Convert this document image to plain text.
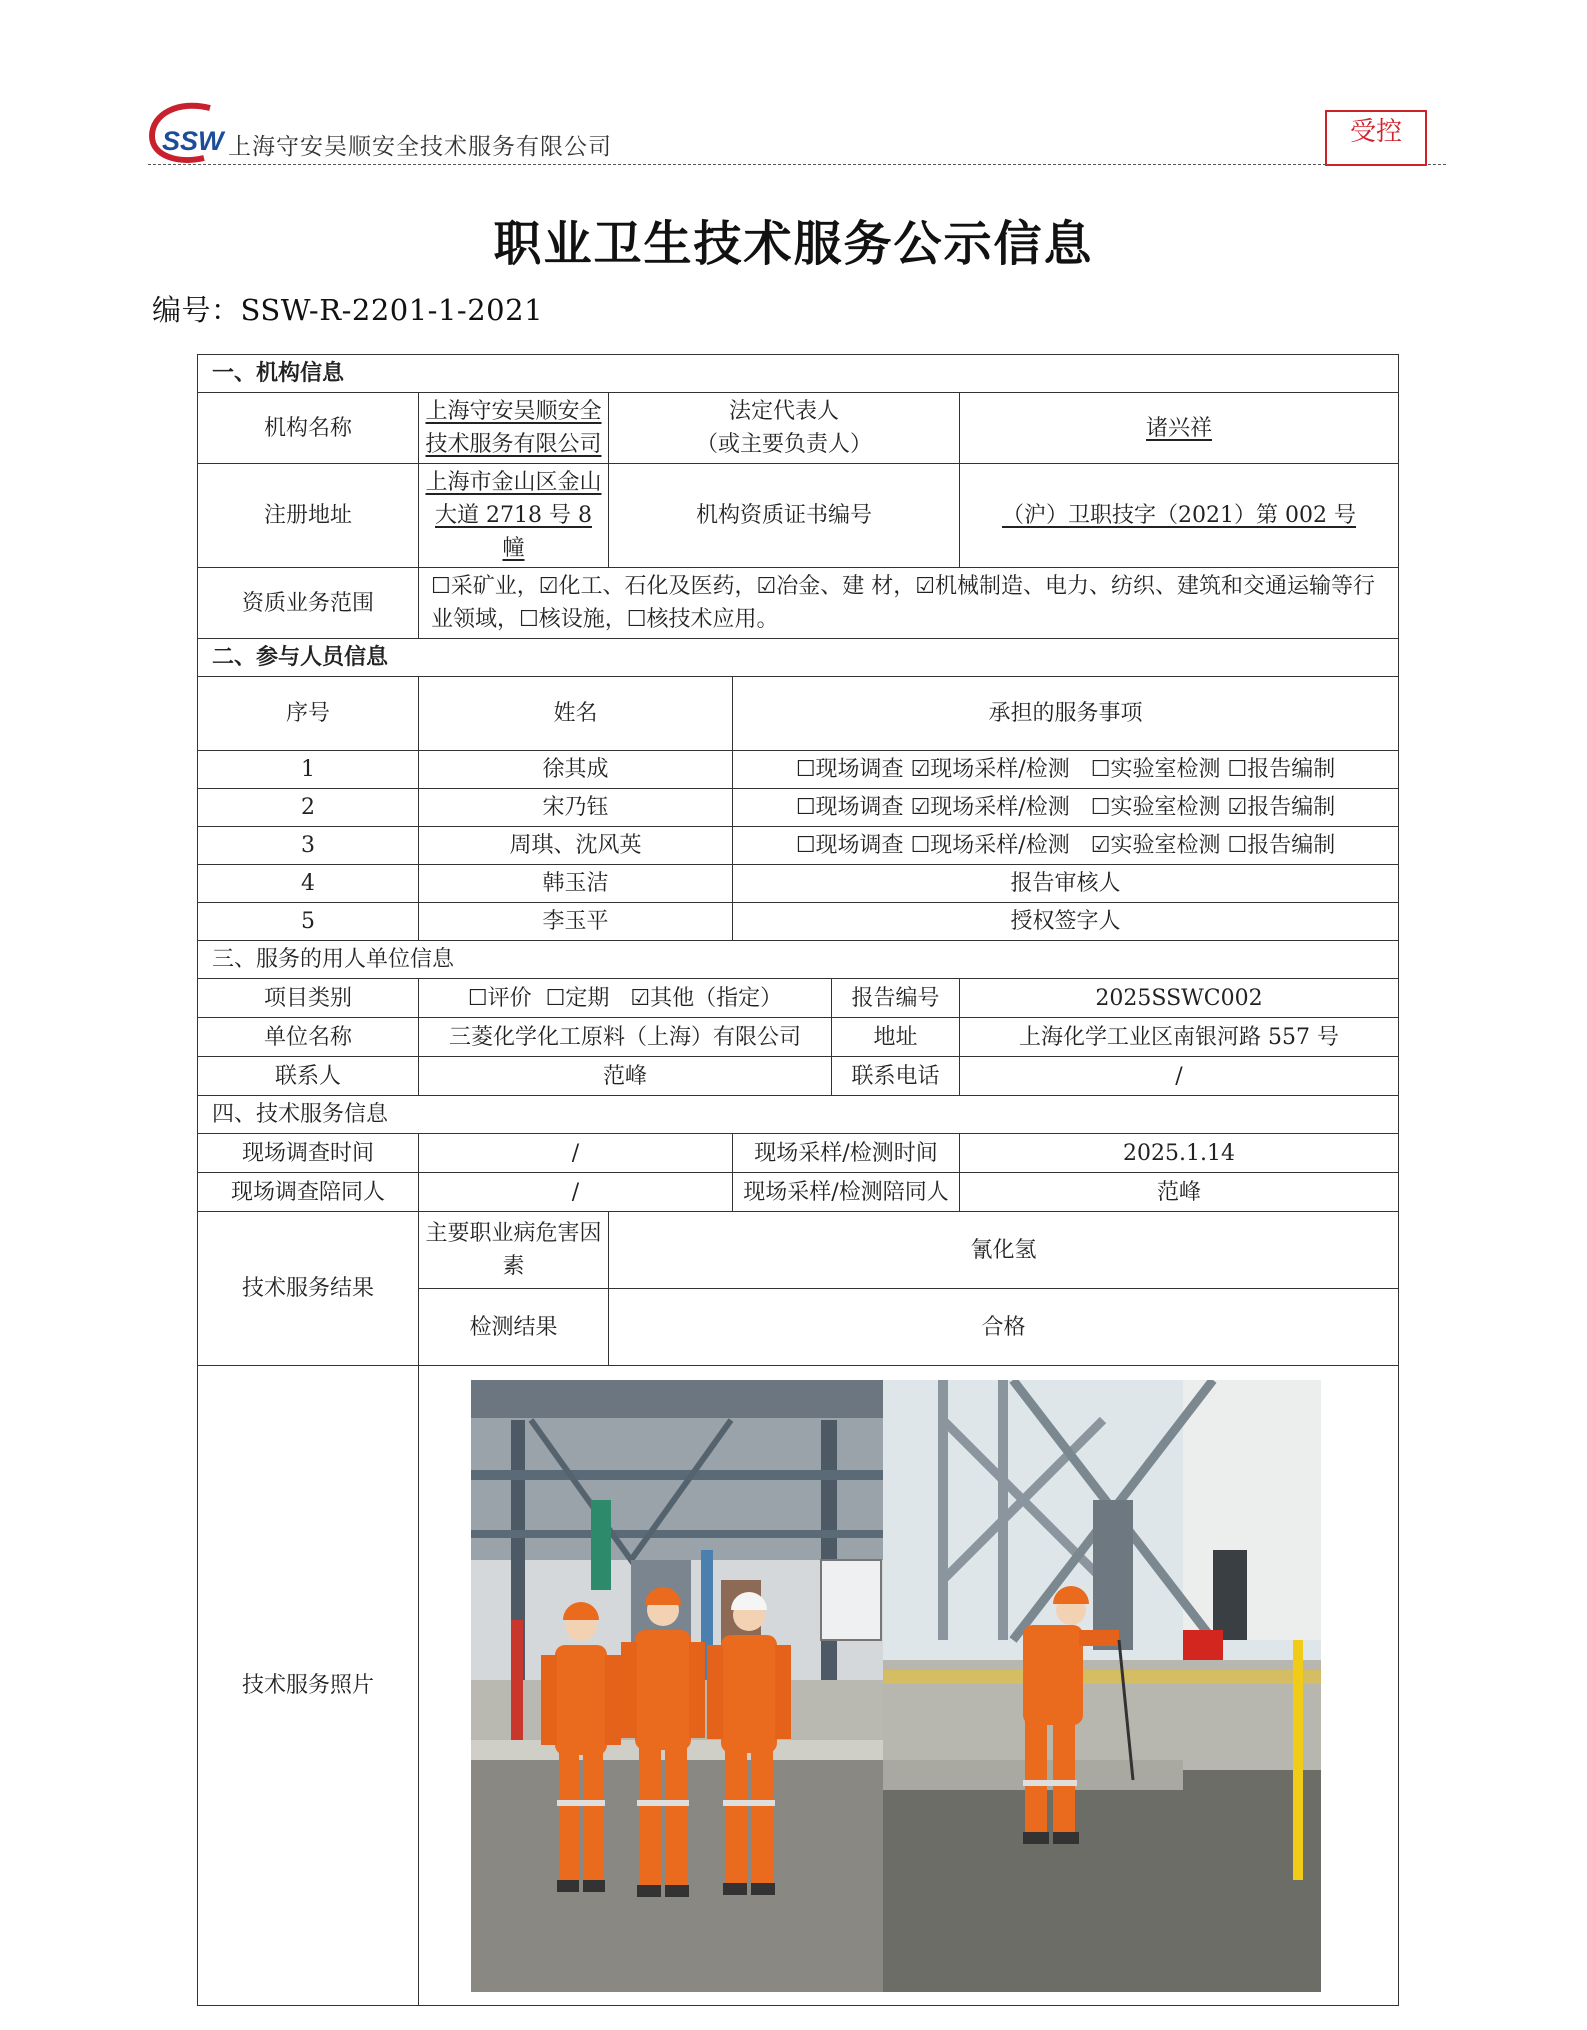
SSW 上海守安吴顺安全技术服务有限公司	受控
职业卫生技术服务公示信息
编号：SSW-R-2201-1-2021
一、机构信息					
机构名称	上海守安吴顺安全技术服务有限公司	法定代表人
（或主要负责人）			诸兴祥
注册地址	上海市金山区金山大道 2718 号 8 幢	机构资质证书编号			（沪）卫职技字（2021）第 002 号
资质业务范围	☐采矿业，☑化工、石化及医药，☑冶金、建 材，☑机械制造、电力、纺织、建筑和交通运输等行业领域，☐核设施，☐核技术应用。				
二、参与人员信息					
序号	姓名		承担的服务事项		
1	徐其成		☐现场调查 ☑现场采样/检测 ☐实验室检测 ☐报告编制		
2	宋乃钰		☐现场调查 ☑现场采样/检测 ☐实验室检测 ☑报告编制		
3	周琪、沈风英		☐现场调查 ☐现场采样/检测 ☑实验室检测 ☐报告编制		
4	韩玉洁		报告审核人		
5	李玉平		授权签字人		
三、服务的用人单位信息					
项目类别	☐评价 ☐定期 ☑其他（指定）			报告编号	2025SSWC002
单位名称	三菱化学化工原料（上海）有限公司			地址	上海化学工业区南银河路 557 号
联系人	范峰			联系电话	/
四、技术服务信息					
现场调查时间	/		现场采样/检测时间		2025.1.14
现场调查陪同人	/		现场采样/检测陪同人		范峰
技术服务结果	主要职业病危害因素	氰化氢			
	检测结果	合格			
技术服务照片	
